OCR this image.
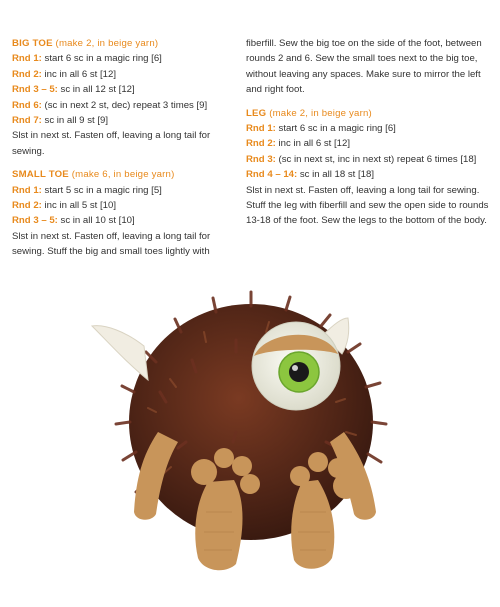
BIG TOE (make 2, in beige yarn)
Rnd 1: start 6 sc in a magic ring [6]
Rnd 2: inc in all 6 st [12]
Rnd 3 – 5: sc in all 12 st [12]
Rnd 6: (sc in next 2 st, dec) repeat 3 times [9]
Rnd 7: sc in all 9 st [9]
Slst in next st. Fasten off, leaving a long tail for sewing.
SMALL TOE (make 6, in beige yarn)
Rnd 1: start 5 sc in a magic ring [5]
Rnd 2: inc in all 5 st [10]
Rnd 3 – 5: sc in all 10 st [10]
Slst in next st. Fasten off, leaving a long tail for sewing. Stuff the big and small toes lightly with
fiberfill. Sew the big toe on the side of the foot, between rounds 2 and 6. Sew the small toes next to the big toe, without leaving any spaces. Make sure to mirror the left and right foot.
LEG (make 2, in beige yarn)
Rnd 1: start 6 sc in a magic ring [6]
Rnd 2: inc in all 6 st [12]
Rnd 3: (sc in next st, inc in next st) repeat 6 times [18]
Rnd 4 – 14: sc in all 18 st [18]
Slst in next st. Fasten off, leaving a long tail for sewing. Stuff the leg with fiberfill and sew the open side to rounds 13-18 of the foot. Sew the legs to the bottom of the body.
